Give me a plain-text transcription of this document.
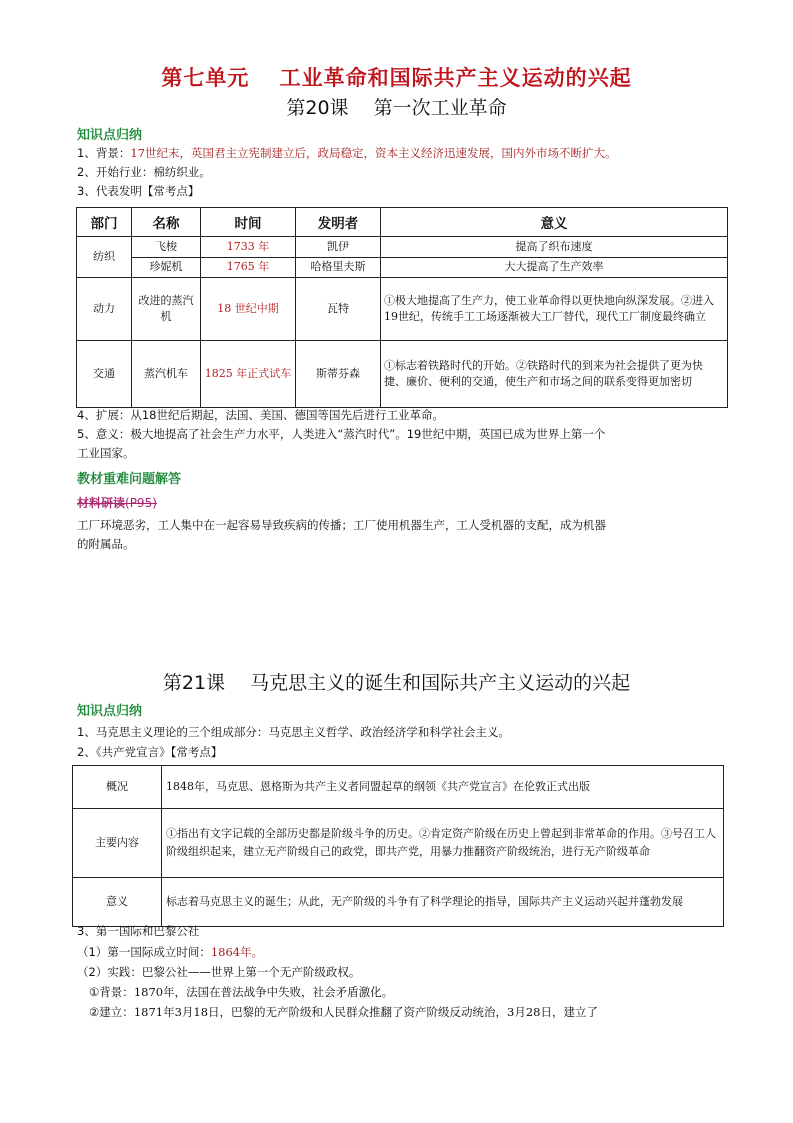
第七单元　 工业革命和国际共产主义运动的兴起
第20课　 第一次工业革命
知识点归纳
1、背景：17世纪末，英国君主立宪制建立后，政局稳定，资本主义经济迅速发展，国内外市场不断扩大。
2、开始行业：棉纺织业。
3、代表发明【常考点】
部门	名称	时间	发明者	意义
纺织	飞梭	1733 年	凯伊	提高了织布速度
	珍妮机	1765 年	哈格里夫斯	大大提高了生产效率
动力	改进的蒸汽机	18 世纪中期	瓦特	①极大地提高了生产力，使工业革命得以更快地向纵深发展。②进入19世纪，传统手工工场逐渐被大工厂替代，现代工厂制度最终确立
交通	蒸汽机车	1825 年正式试车	斯蒂芬森	①标志着铁路时代的开始。②铁路时代的到来为社会提供了更为快捷、廉价、便利的交通，使生产和市场之间的联系变得更加密切
4、扩展：从18世纪后期起，法国、美国、德国等国先后进行工业革命。
5、意义：极大地提高了社会生产力水平，人类进入“蒸汽时代”。19世纪中期，英国已成为世界上第一个
工业国家。
教材重难问题解答
材料研读(P95)
工厂环境恶劣，工人集中在一起容易导致疾病的传播；工厂使用机器生产，工人受机器的支配，成为机器
的附属品。
第21课　 马克思主义的诞生和国际共产主义运动的兴起
知识点归纳
1、马克思主义理论的三个组成部分：马克思主义哲学、政治经济学和科学社会主义。
2、《共产党宣言》【常考点】
概况	1848年，马克思、恩格斯为共产主义者同盟起草的纲领《共产党宣言》在伦敦正式出版
主要内容	①指出有文字记载的全部历史都是阶级斗争的历史。②肯定资产阶级在历史上曾起到非常革命的作用。③号召工人阶级组织起来，建立无产阶级自己的政党，即共产党，用暴力推翻资产阶级统治，进行无产阶级革命
意义	标志着马克思主义的诞生；从此，无产阶级的斗争有了科学理论的指导，国际共产主义运动兴起并蓬勃发展
3、第一国际和巴黎公社
（1）第一国际成立时间：1864年。
（2）实践：巴黎公社——世界上第一个无产阶级政权。
①背景：1870年，法国在普法战争中失败，社会矛盾激化。
②建立：1871年3月18日，巴黎的无产阶级和人民群众推翻了资产阶级反动统治，3月28日，建立了
